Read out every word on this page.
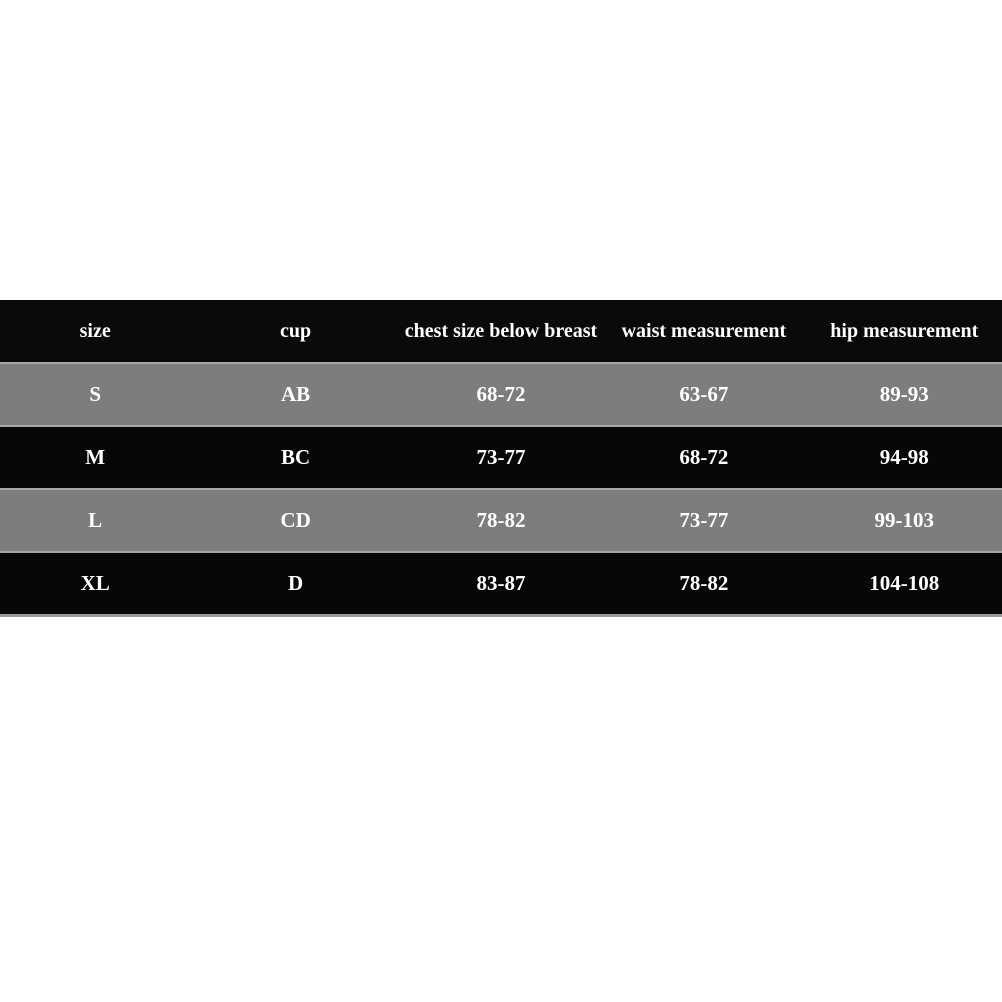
size	cup	chest size below breast	waist measurement	hip measurement
S	AB	68-72	63-67	89-93
M	BC	73-77	68-72	94-98
L	CD	78-82	73-77	99-103
XL	D	83-87	78-82	104-108
